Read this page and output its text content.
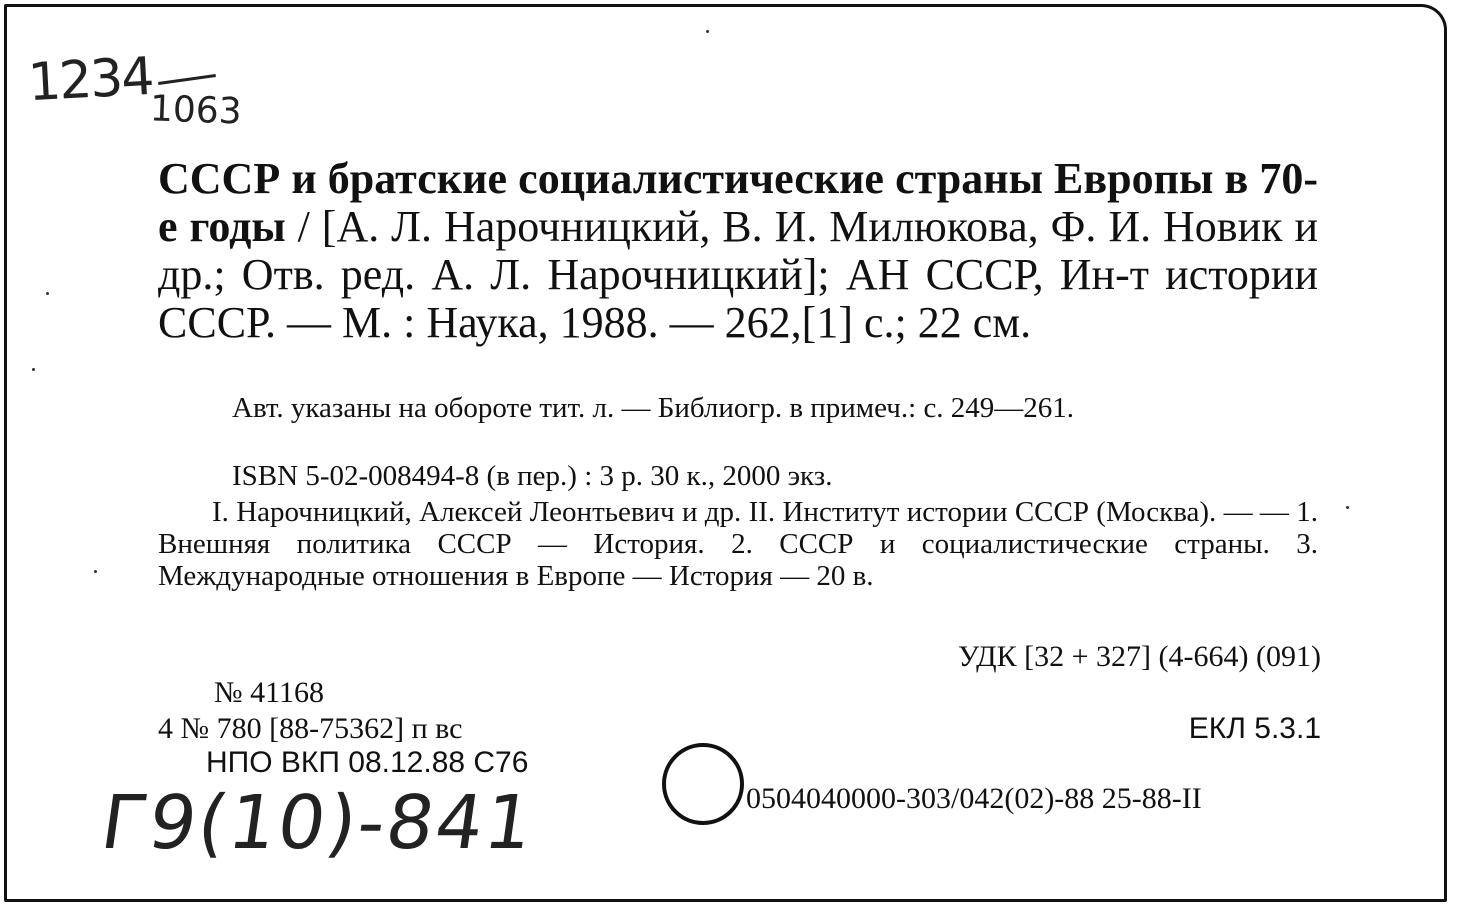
1234
1063
СССР и братские социалистические страны Европы в 70-е годы / [А. Л. Нарочницкий, В. И. Милюкова, Ф. И. Новик и др.; Отв. ред. А. Л. Нарочницкий]; АН СССР, Ин-т истории СССР. — М. : Наука, 1988. — 262,[1] с.; 22 см.
Авт. указаны на обороте тит. л. — Библиогр. в примеч.: с. 249—261.
ISBN 5-02-008494-8 (в пер.) : 3 р. 30 к., 2000 экз.
I. Нарочницкий, Алексей Леонтьевич и др. II. Институт истории СССР (Москва). — — 1. Внешняя политика СССР — История. 2. СССР и социалистические страны. 3. Международные отношения в Европе — История — 20 в.
УДК [32 + 327] (4-664) (091)
№ 41168
4 № 780 [88-75362] п вс	ЕКЛ 5.3.1
НПО ВКП 08.12.88 С76
0504040000-303/042(02)-88 25-88-II
Г9(10)-841
